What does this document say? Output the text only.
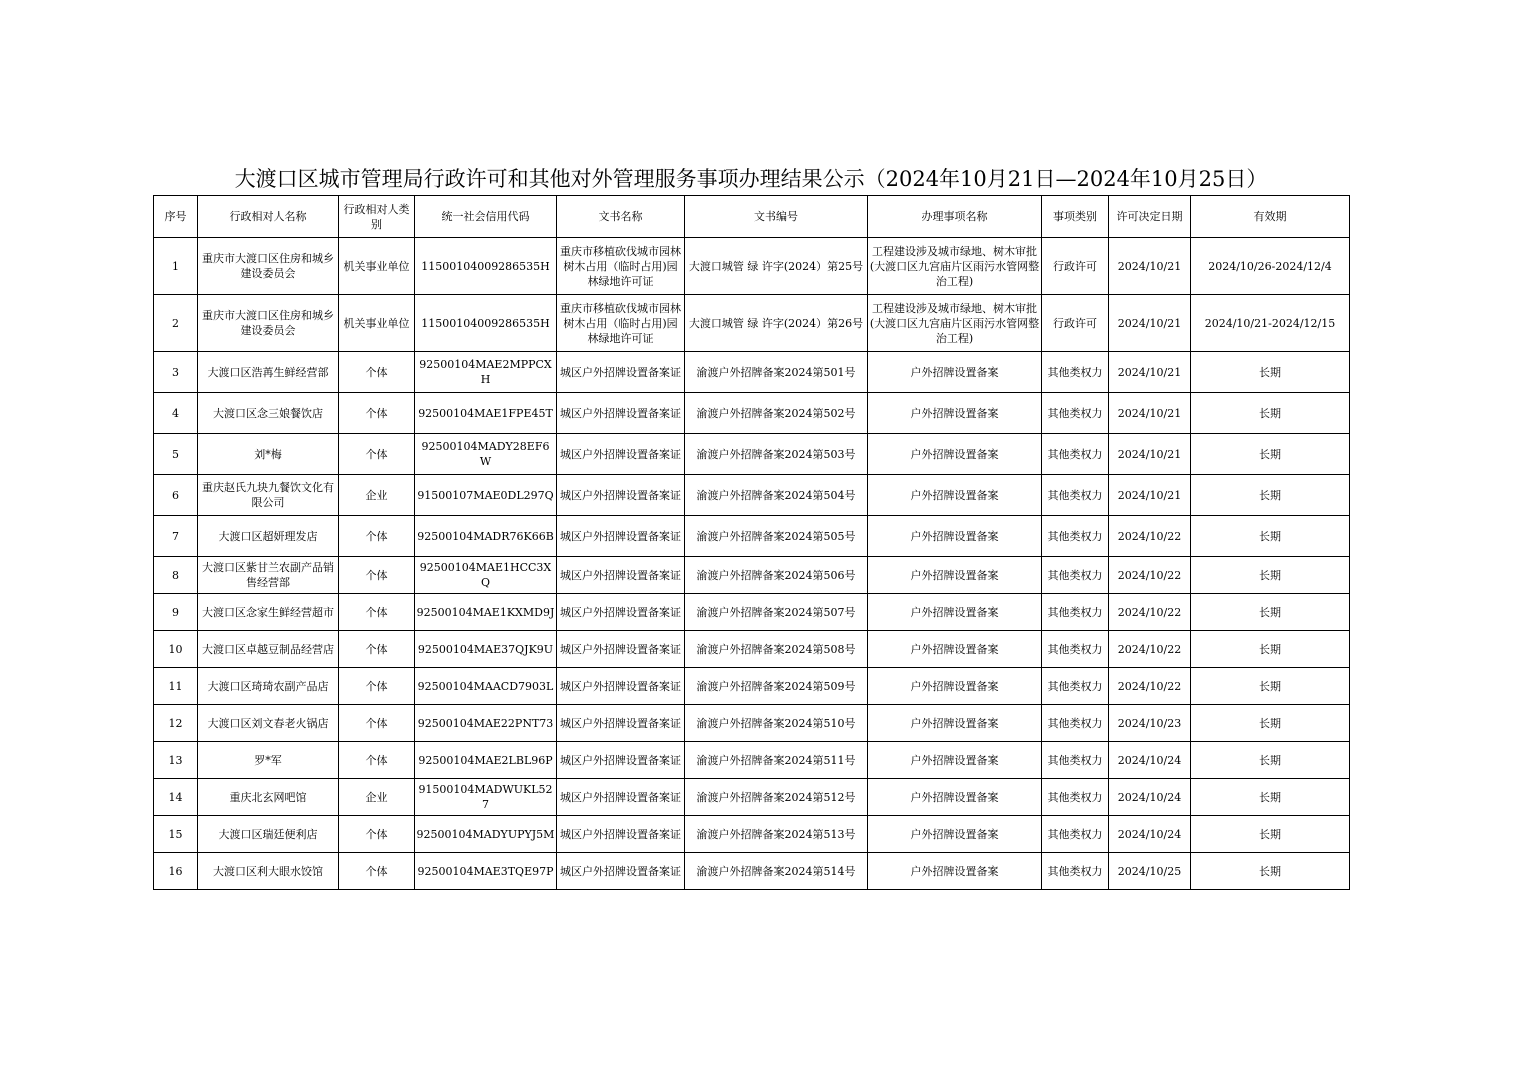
大渡口区城市管理局行政许可和其他对外管理服务事项办理结果公示（2024年10月21日—2024年10月25日）
序号	行政相对人名称	行政相对人类别	统一社会信用代码	文书名称	文书编号	办理事项名称	事项类别	许可决定日期	有效期
1	重庆市大渡口区住房和城乡建设委员会	机关事业单位	11500104009286535H	重庆市移植砍伐城市园林树木占用（临时占用)园林绿地许可证	大渡口城管 绿 许字(2024）第25号	工程建设涉及城市绿地、树木审批(大渡口区九宫庙片区雨污水管网整治工程)	行政许可	2024/10/21	2024/10/26-2024/12/4
2	重庆市大渡口区住房和城乡建设委员会	机关事业单位	11500104009286535H	重庆市移植砍伐城市园林树木占用（临时占用)园林绿地许可证	大渡口城管 绿 许字(2024）第26号	工程建设涉及城市绿地、树木审批(大渡口区九宫庙片区雨污水管网整治工程)	行政许可	2024/10/21	2024/10/21-2024/12/15
3	大渡口区浩苒生鲜经营部	个体	92500104MAE2MPPCXH	城区户外招牌设置备案证	渝渡户外招牌备案2024第501号	户外招牌设置备案	其他类权力	2024/10/21	长期
4	大渡口区念三娘餐饮店	个体	92500104MAE1FPE45T	城区户外招牌设置备案证	渝渡户外招牌备案2024第502号	户外招牌设置备案	其他类权力	2024/10/21	长期
5	刘*梅	个体	92500104MADY28EF6W	城区户外招牌设置备案证	渝渡户外招牌备案2024第503号	户外招牌设置备案	其他类权力	2024/10/21	长期
6	重庆赵氏九块九餐饮文化有限公司	企业	91500107MAE0DL297Q	城区户外招牌设置备案证	渝渡户外招牌备案2024第504号	户外招牌设置备案	其他类权力	2024/10/21	长期
7	大渡口区超妍理发店	个体	92500104MADR76K66B	城区户外招牌设置备案证	渝渡户外招牌备案2024第505号	户外招牌设置备案	其他类权力	2024/10/22	长期
8	大渡口区紫甘兰农副产品销售经营部	个体	92500104MAE1HCC3XQ	城区户外招牌设置备案证	渝渡户外招牌备案2024第506号	户外招牌设置备案	其他类权力	2024/10/22	长期
9	大渡口区念家生鲜经营超市	个体	92500104MAE1KXMD9J	城区户外招牌设置备案证	渝渡户外招牌备案2024第507号	户外招牌设置备案	其他类权力	2024/10/22	长期
10	大渡口区卓越豆制品经营店	个体	92500104MAE37QJK9U	城区户外招牌设置备案证	渝渡户外招牌备案2024第508号	户外招牌设置备案	其他类权力	2024/10/22	长期
11	大渡口区琦琦农副产品店	个体	92500104MAACD7903L	城区户外招牌设置备案证	渝渡户外招牌备案2024第509号	户外招牌设置备案	其他类权力	2024/10/22	长期
12	大渡口区刘文春老火锅店	个体	92500104MAE22PNT73	城区户外招牌设置备案证	渝渡户外招牌备案2024第510号	户外招牌设置备案	其他类权力	2024/10/23	长期
13	罗*军	个体	92500104MAE2LBL96P	城区户外招牌设置备案证	渝渡户外招牌备案2024第511号	户外招牌设置备案	其他类权力	2024/10/24	长期
14	重庆北玄网吧馆	企业	91500104MADWUKL527	城区户外招牌设置备案证	渝渡户外招牌备案2024第512号	户外招牌设置备案	其他类权力	2024/10/24	长期
15	大渡口区瑞廷便利店	个体	92500104MADYUPYJ5M	城区户外招牌设置备案证	渝渡户外招牌备案2024第513号	户外招牌设置备案	其他类权力	2024/10/24	长期
16	大渡口区利大眼水饺馆	个体	92500104MAE3TQE97P	城区户外招牌设置备案证	渝渡户外招牌备案2024第514号	户外招牌设置备案	其他类权力	2024/10/25	长期
